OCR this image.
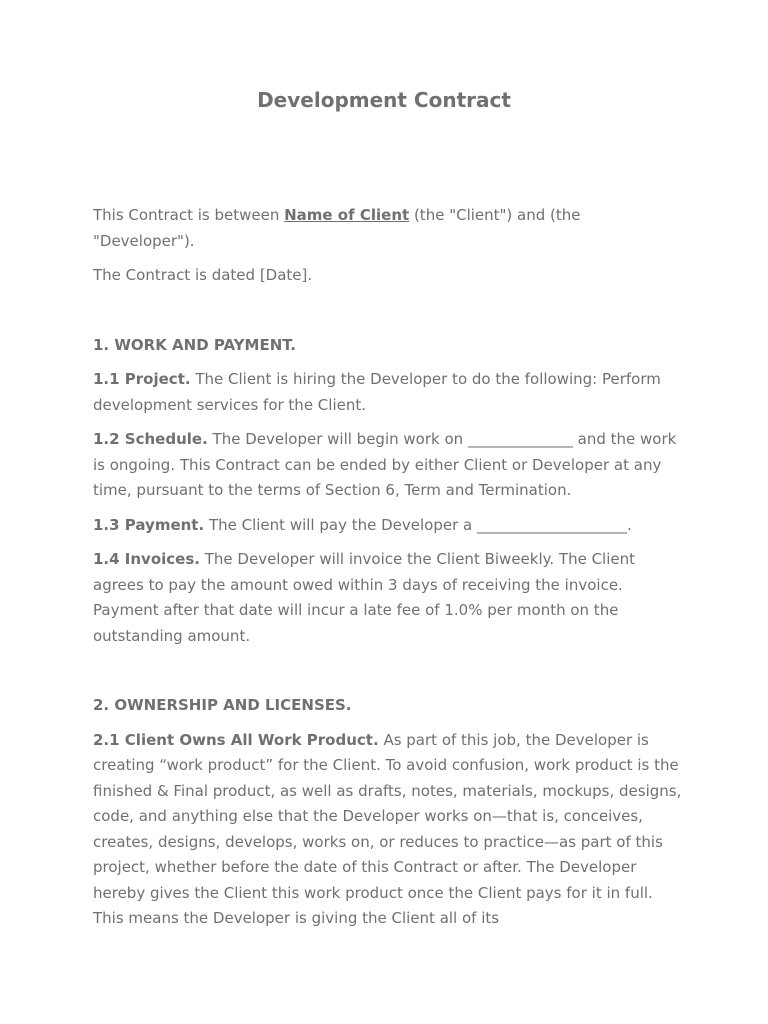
Development Contract

This Contract is between Name of Client (the "Client") and (the "Developer").

The Contract is dated [Date].

1. WORK AND PAYMENT.

1.1 Project. The Client is hiring the Developer to do the following: Perform development services for the Client.

1.2 Schedule. The Developer will begin work on ______________ and the work is ongoing. This Contract can be ended by either Client or Developer at any time, pursuant to the terms of Section 6, Term and Termination.

1.3 Payment. The Client will pay the Developer a ____________________.

1.4 Invoices. The Developer will invoice the Client Biweekly. The Client agrees to pay the amount owed within 3 days of receiving the invoice. Payment after that date will incur a late fee of 1.0% per month on the outstanding amount.

2. OWNERSHIP AND LICENSES.

2.1 Client Owns All Work Product. As part of this job, the Developer is creating “work product” for the Client. To avoid confusion, work product is the finished & Final product, as well as drafts, notes, materials, mockups, designs, code, and anything else that the Developer works on—that is, conceives, creates, designs, develops, works on, or reduces to practice—as part of this project, whether before the date of this Contract or after. The Developer hereby gives the Client this work product once the Client pays for it in full. This means the Developer is giving the Client all of its
